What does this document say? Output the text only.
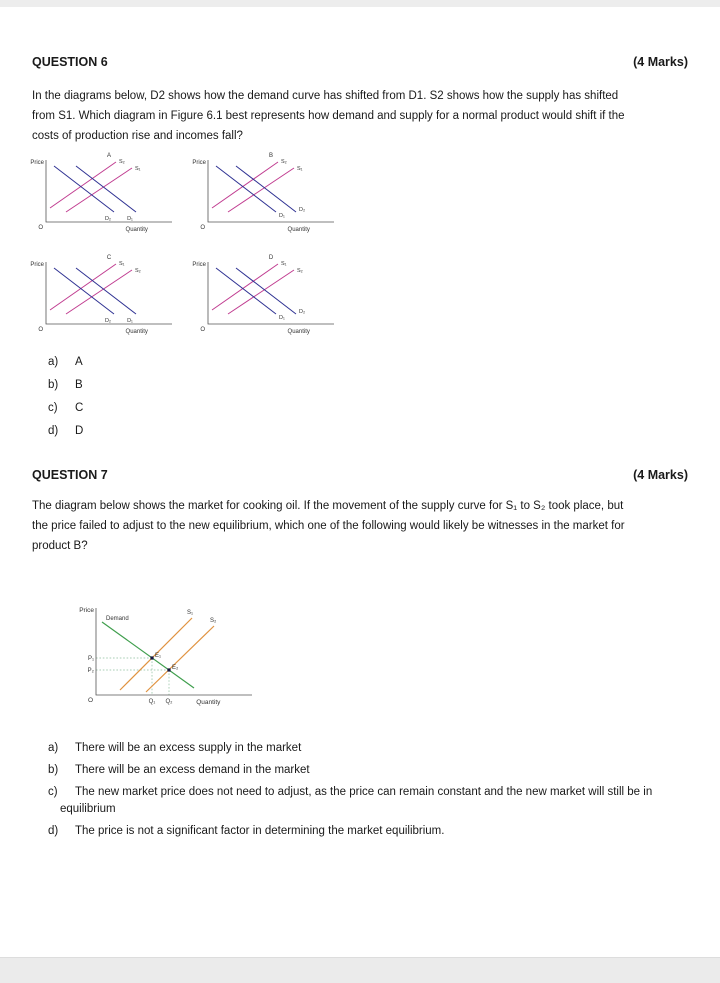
QUESTION 6	(4 Marks)
In the diagrams below, D2 shows how the demand curve has shifted from D1. S2 shows how the supply has shifted from S1. Which diagram in Figure 6.1 best represents how demand and supply for a normal product would shift if the costs of production rise and incomes fall?
A
S₂
S₁
D₂	D₁
Price
Quantity
O
B
S₂
S₁
D₁
D₂
Price
Quantity
O
C
S₁
S₂
D₂	D₁
Price
Quantity
O
D
S₁
S₂
D₁
D₂
Price
Quantity
O
a) A
b) B
c) C
d) D
QUESTION 7	(4 Marks)
The diagram below shows the market for cooking oil. If the movement of the supply curve for S₁ to S₂ took place, but the price failed to adjust to the new equilibrium, which one of the following would likely be witnesses in the market for product B?
Demand
S₁
S₂
Price
Quantity
O
E₁
E₂
P₁
P₂
Q₁ Q₂
a) There will be an excess supply in the market
b) There will be an excess demand in the market
c) The new market price does not need to adjust, as the price can remain constant and the new market will still be in equilibrium
d) The price is not a significant factor in determining the market equilibrium.
